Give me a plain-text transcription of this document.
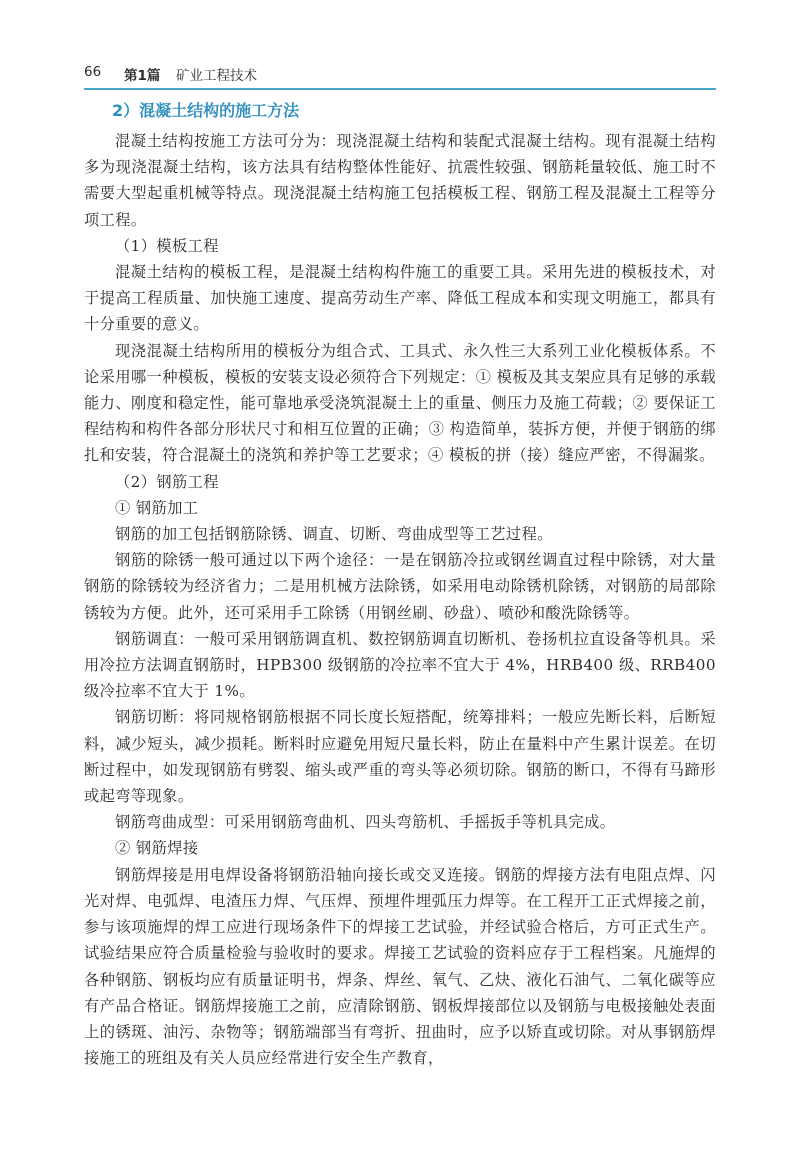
66 第1篇 矿业工程技术
2）混凝土结构的施工方法

混凝土结构按施工方法可分为：现浇混凝土结构和装配式混凝土结构。现有混凝土结构多为现浇混凝土结构，该方法具有结构整体性能好、抗震性较强、钢筋耗量较低、施工时不需要大型起重机械等特点。现浇混凝土结构施工包括模板工程、钢筋工程及混凝土工程等分项工程。

（1）模板工程

混凝土结构的模板工程，是混凝土结构构件施工的重要工具。采用先进的模板技术，对于提高工程质量、加快施工速度、提高劳动生产率、降低工程成本和实现文明施工，都具有十分重要的意义。

现浇混凝土结构所用的模板分为组合式、工具式、永久性三大系列工业化模板体系。不论采用哪一种模板，模板的安装支设必须符合下列规定：① 模板及其支架应具有足够的承载能力、刚度和稳定性，能可靠地承受浇筑混凝土上的重量、侧压力及施工荷载；② 要保证工程结构和构件各部分形状尺寸和相互位置的正确；③ 构造简单，装拆方便，并便于钢筋的绑扎和安装，符合混凝土的浇筑和养护等工艺要求；④ 模板的拼（接）缝应严密，不得漏浆。

（2）钢筋工程

① 钢筋加工

钢筋的加工包括钢筋除锈、调直、切断、弯曲成型等工艺过程。

钢筋的除锈一般可通过以下两个途径：一是在钢筋冷拉或钢丝调直过程中除锈，对大量钢筋的除锈较为经济省力；二是用机械方法除锈，如采用电动除锈机除锈，对钢筋的局部除锈较为方便。此外，还可采用手工除锈（用钢丝刷、砂盘）、喷砂和酸洗除锈等。

钢筋调直：一般可采用钢筋调直机、数控钢筋调直切断机、卷扬机拉直设备等机具。采用冷拉方法调直钢筋时，HPB300 级钢筋的冷拉率不宜大于 4%，HRB400 级、RRB400 级冷拉率不宜大于 1%。

钢筋切断：将同规格钢筋根据不同长度长短搭配，统筹排料；一般应先断长料，后断短料，减少短头，减少损耗。断料时应避免用短尺量长料，防止在量料中产生累计误差。在切断过程中，如发现钢筋有劈裂、缩头或严重的弯头等必须切除。钢筋的断口，不得有马蹄形或起弯等现象。

钢筋弯曲成型：可采用钢筋弯曲机、四头弯筋机、手摇扳手等机具完成。

② 钢筋焊接

钢筋焊接是用电焊设备将钢筋沿轴向接长或交叉连接。钢筋的焊接方法有电阻点焊、闪光对焊、电弧焊、电渣压力焊、气压焊、预埋件埋弧压力焊等。在工程开工正式焊接之前，参与该项施焊的焊工应进行现场条件下的焊接工艺试验，并经试验合格后，方可正式生产。试验结果应符合质量检验与验收时的要求。焊接工艺试验的资料应存于工程档案。凡施焊的各种钢筋、钢板均应有质量证明书，焊条、焊丝、氧气、乙炔、液化石油气、二氧化碳等应有产品合格证。钢筋焊接施工之前，应清除钢筋、钢板焊接部位以及钢筋与电极接触处表面上的锈斑、油污、杂物等；钢筋端部当有弯折、扭曲时，应予以矫直或切除。对从事钢筋焊接施工的班组及有关人员应经常进行安全生产教育，
